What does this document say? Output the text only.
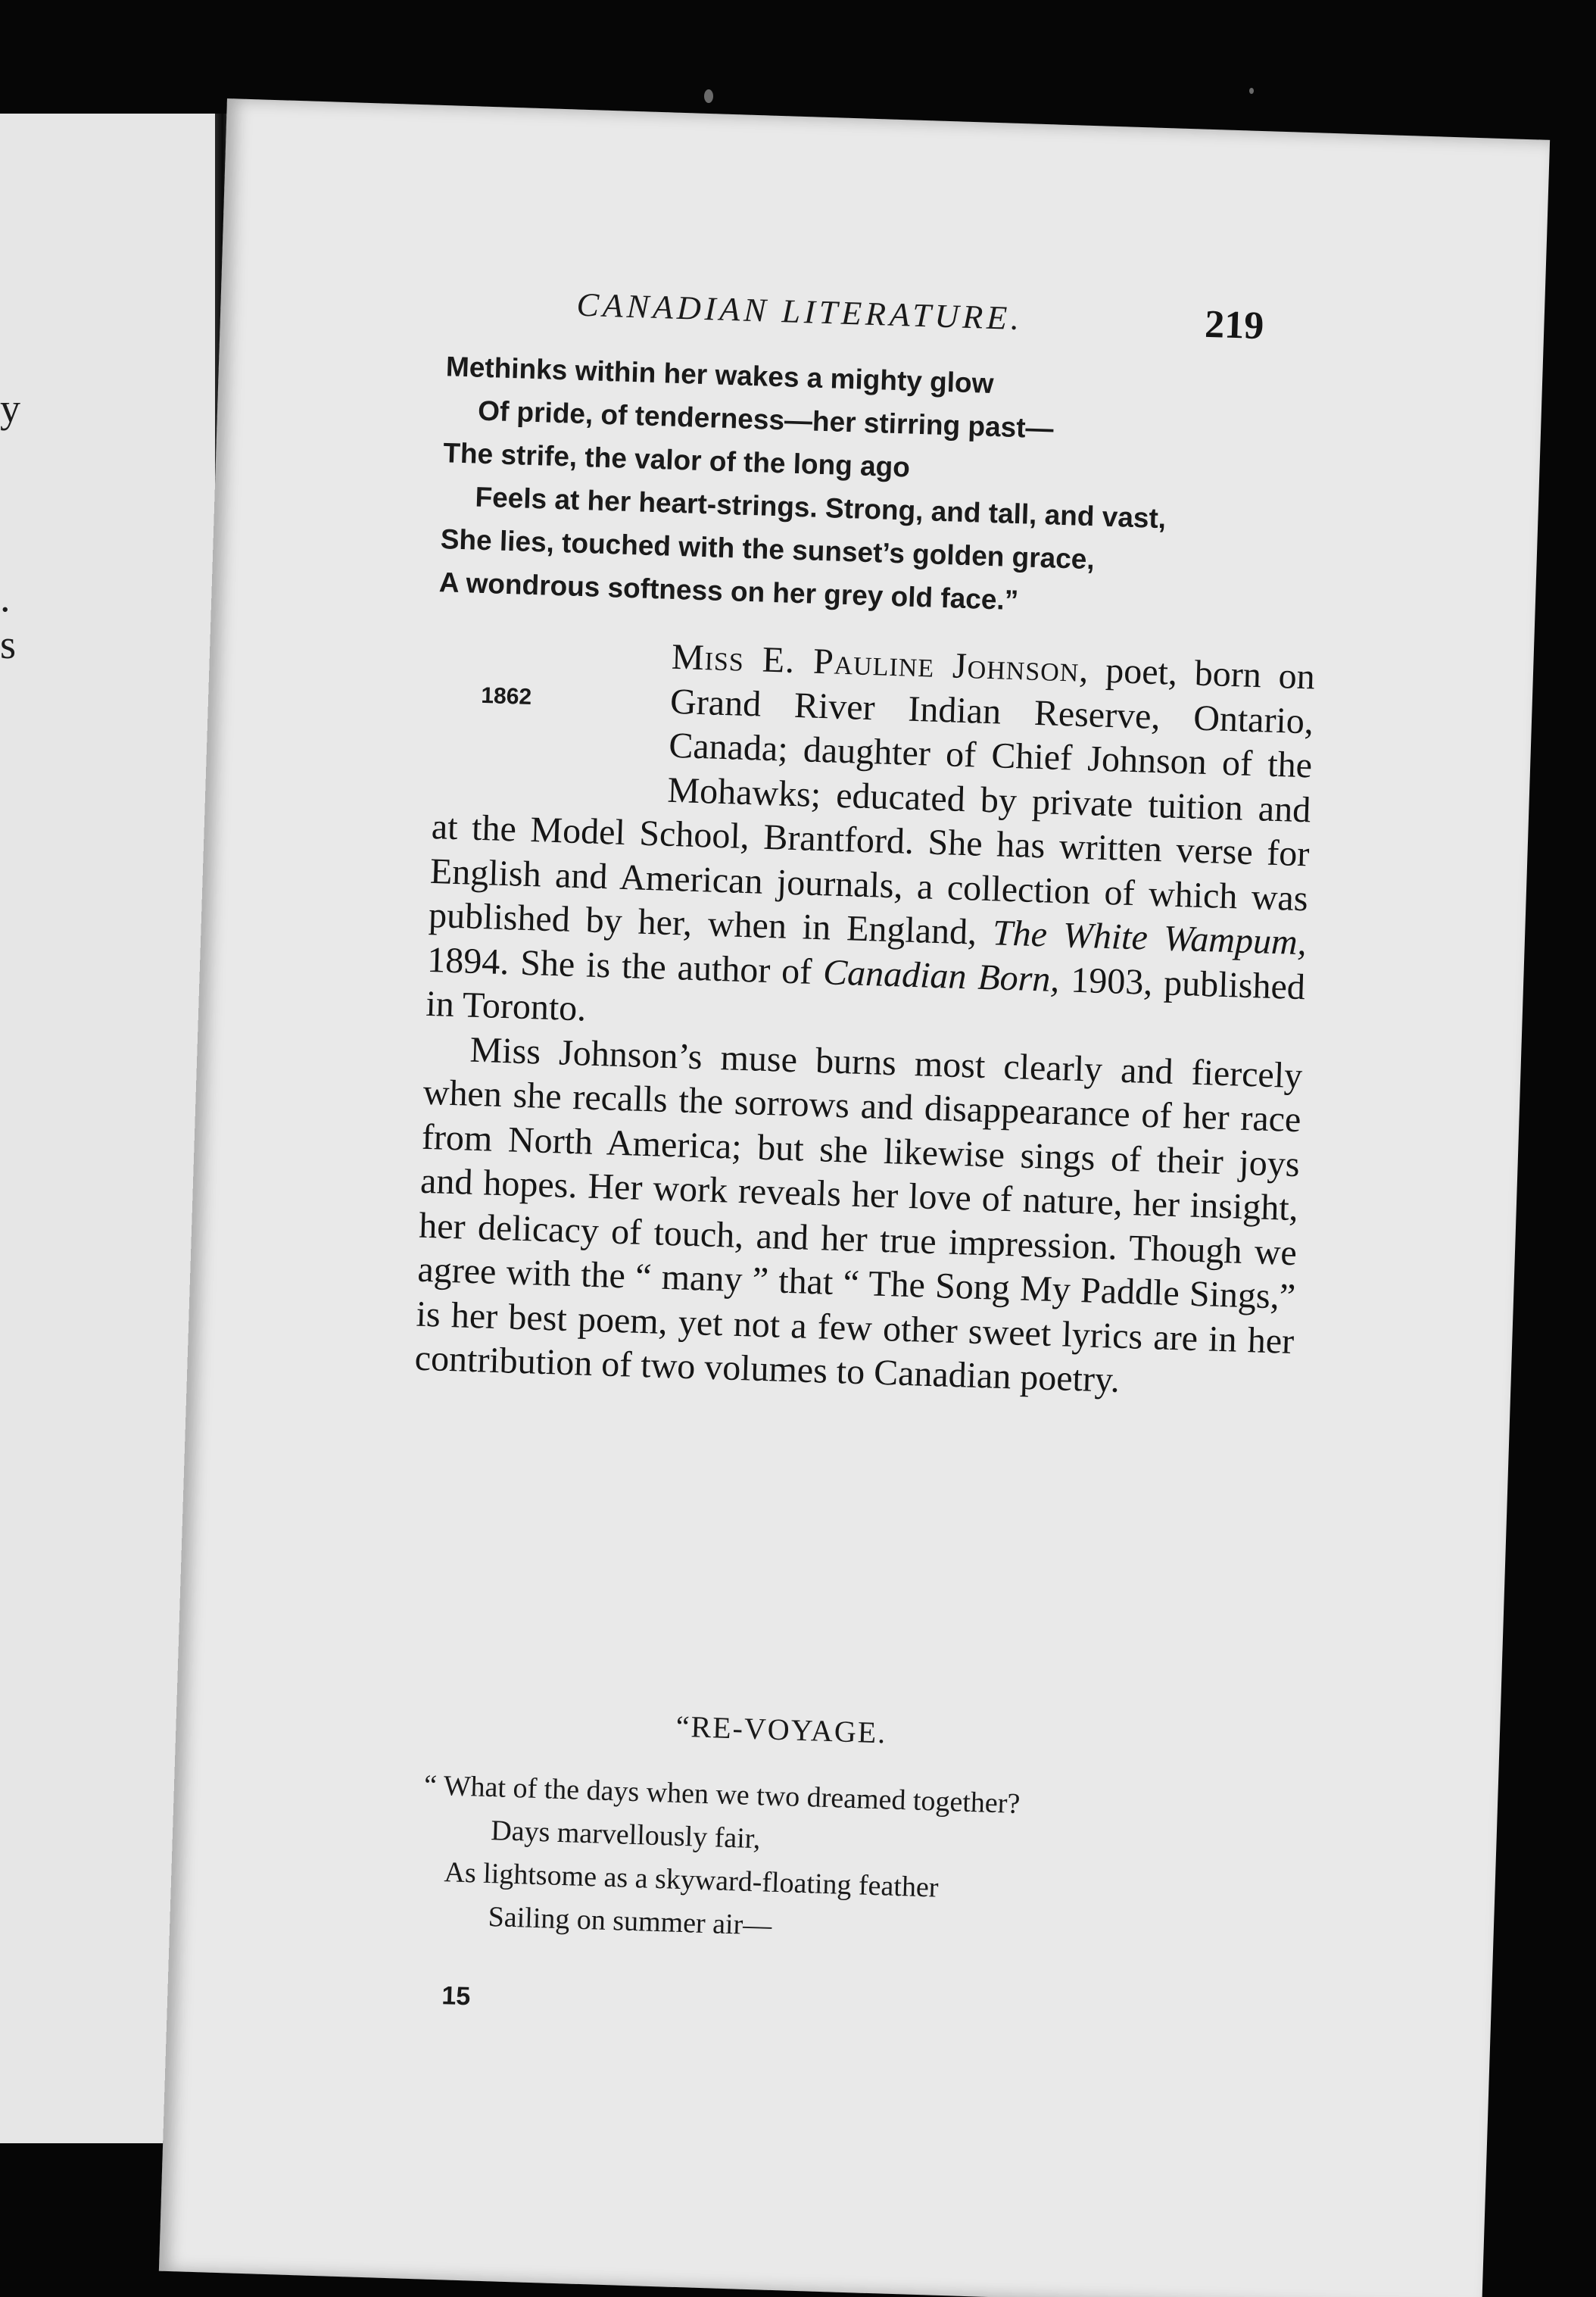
y
.
s
CANADIAN LITERATURE.	219
Methinks within her wakes a mighty glow
Of pride, of tenderness—her stirring past—
The strife, the valor of the long ago
Feels at her heart-strings. Strong, and tall, and vast,
She lies, touched with the sunset’s golden grace,
A wondrous softness on her grey old face.”

1862
Miss E. Pauline Johnson, poet, born on Grand River Indian Reserve, Ontario, Canada; daughter of Chief Johnson of the Mohawks; educated by private tuition and at the Model School, Brantford. She has written verse for English and American journals, a collection of which was published by her, when in England, The White Wampum, 1894. She is the author of Canadian Born, 1903, published in Toronto.

Miss Johnson’s muse burns most clearly and fiercely when she recalls the sorrows and disappearance of her race from North America; but she likewise sings of their joys and hopes. Her work reveals her love of nature, her insight, her delicacy of touch, and her true impression. Though we agree with the “ many ” that “ The Song My Paddle Sings,” is her best poem, yet not a few other sweet lyrics are in her contribution of two volumes to Canadian poetry.

“RE-VOYAGE.
“ What of the days when we two dreamed together?
Days marvellously fair,
As lightsome as a skyward-floating feather
Sailing on summer air—
15
